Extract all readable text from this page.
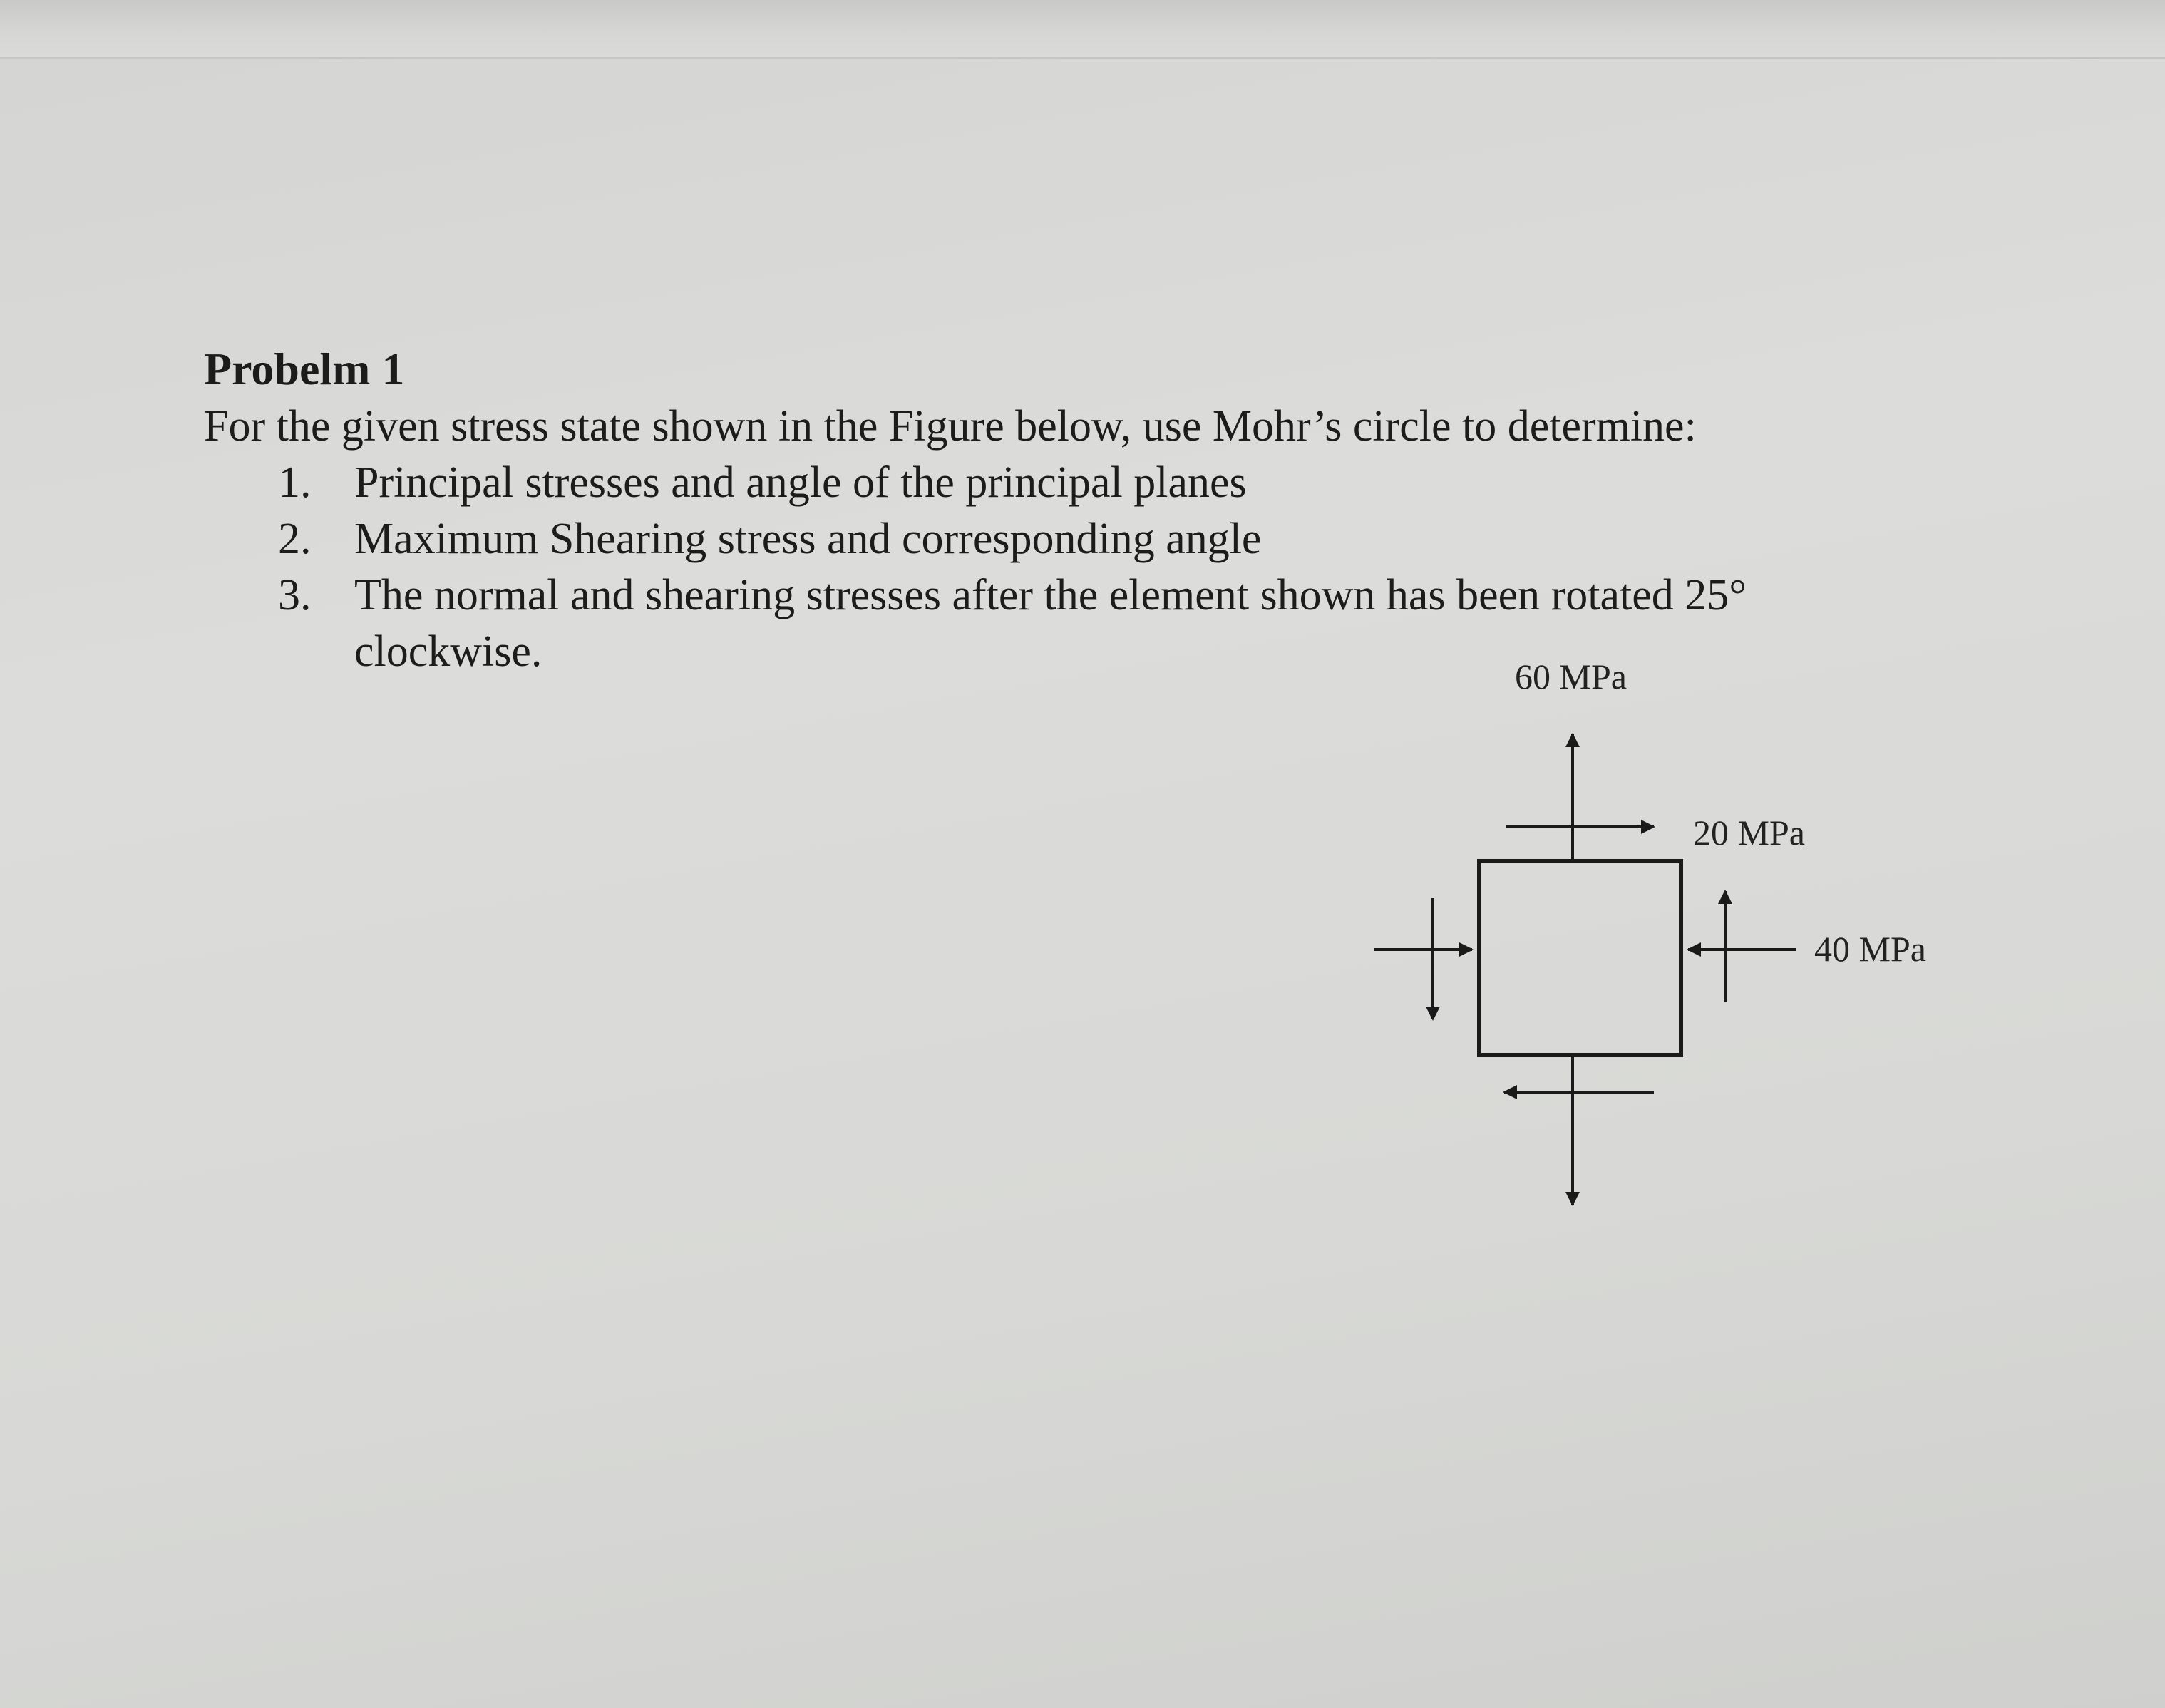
Probelm 1

For the given stress state shown in the Figure below, use Mohr’s circle to determine:

1. Principal stresses and angle of the principal planes
2. Maximum Shearing stress and corresponding angle
3. The normal and shearing stresses after the element shown has been rotated 25° clockwise.
60 MPa
20 MPa
40 MPa
